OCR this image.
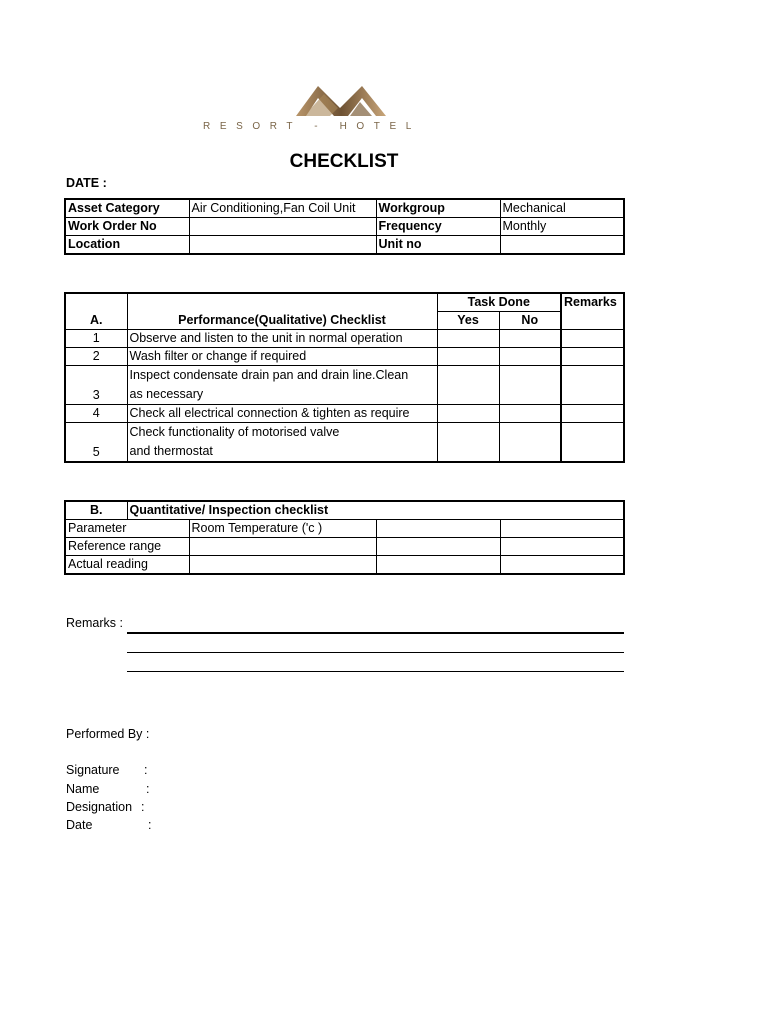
RESORT - HOTEL
CHECKLIST
DATE :
Asset Category	Air Conditioning,Fan Coil Unit	Workgroup	Mechanical
Work Order No		Frequency	Monthly
Location		Unit no	
A.	Performance(Qualitative) Checklist	Task Done		Remarks
		Yes	No	
1	Observe and listen to the unit in normal operation			
2	Wash filter or change if required			
3	Inspect condensate drain pan and drain line.Clean
as necessary			
4	Check all electrical connection & tighten as require			
5	Check functionality of motorised valve
and thermostat			
B.	Quantitative/ Inspection checklist			
Parameter		Room Temperature ('c )		
Reference range				
Actual reading				
Remarks :
Performed By :
Signature :
Name	:
Designation :
Date	:
